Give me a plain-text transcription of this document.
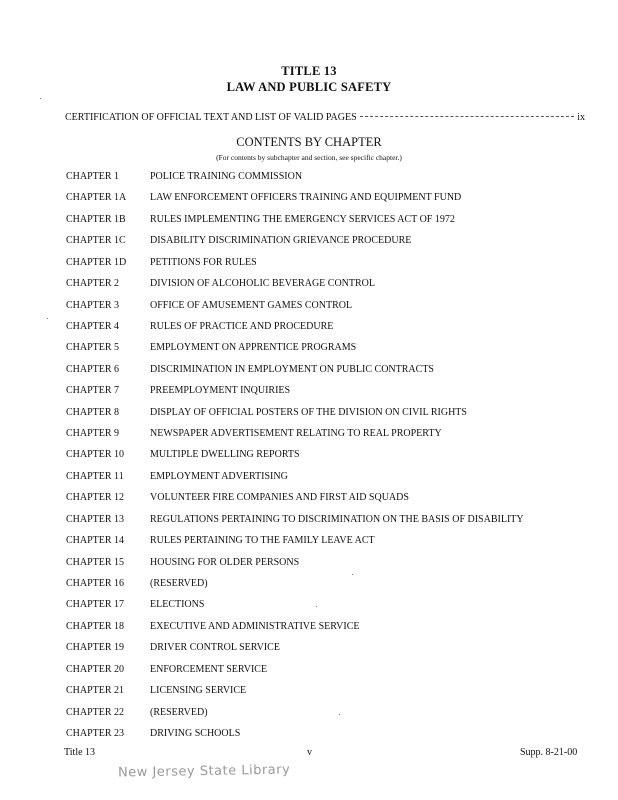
TITLE 13
LAW AND PUBLIC SAFETY
CERTIFICATION OF OFFICIAL TEXT AND LIST OF VALID PAGES	ix
CONTENTS BY CHAPTER
(For contents by subchapter and section, see specific chapter.)
CHAPTER 1	POLICE TRAINING COMMISSION
CHAPTER 1A LAW ENFORCEMENT OFFICERS TRAINING AND EQUIPMENT FUND
CHAPTER 1B RULES IMPLEMENTING THE EMERGENCY SERVICES ACT OF 1972
CHAPTER 1C DISABILITY DISCRIMINATION GRIEVANCE PROCEDURE
CHAPTER 1D PETITIONS FOR RULES
CHAPTER 2	DIVISION OF ALCOHOLIC BEVERAGE CONTROL
CHAPTER 3	OFFICE OF AMUSEMENT GAMES CONTROL
CHAPTER 4	RULES OF PRACTICE AND PROCEDURE
CHAPTER 5	EMPLOYMENT ON APPRENTICE PROGRAMS
CHAPTER 6	DISCRIMINATION IN EMPLOYMENT ON PUBLIC CONTRACTS
CHAPTER 7	PREEMPLOYMENT INQUIRIES
CHAPTER 8	DISPLAY OF OFFICIAL POSTERS OF THE DIVISION ON CIVIL RIGHTS
CHAPTER 9	NEWSPAPER ADVERTISEMENT RELATING TO REAL PROPERTY
CHAPTER 10	MULTIPLE DWELLING REPORTS
CHAPTER 11	EMPLOYMENT ADVERTISING
CHAPTER 12	VOLUNTEER FIRE COMPANIES AND FIRST AID SQUADS
CHAPTER 13	REGULATIONS PERTAINING TO DISCRIMINATION ON THE BASIS OF DISABILITY
CHAPTER 14	RULES PERTAINING TO THE FAMILY LEAVE ACT
CHAPTER 15	HOUSING FOR OLDER PERSONS
CHAPTER 16	(RESERVED)
CHAPTER 17	ELECTIONS
CHAPTER 18	EXECUTIVE AND ADMINISTRATIVE SERVICE
CHAPTER 19	DRIVER CONTROL SERVICE
CHAPTER 20	ENFORCEMENT SERVICE
CHAPTER 21	LICENSING SERVICE
CHAPTER 22	(RESERVED)
CHAPTER 23	DRIVING SCHOOLS
Title 13	v	Supp. 8-21-00
New Jersey State Library
